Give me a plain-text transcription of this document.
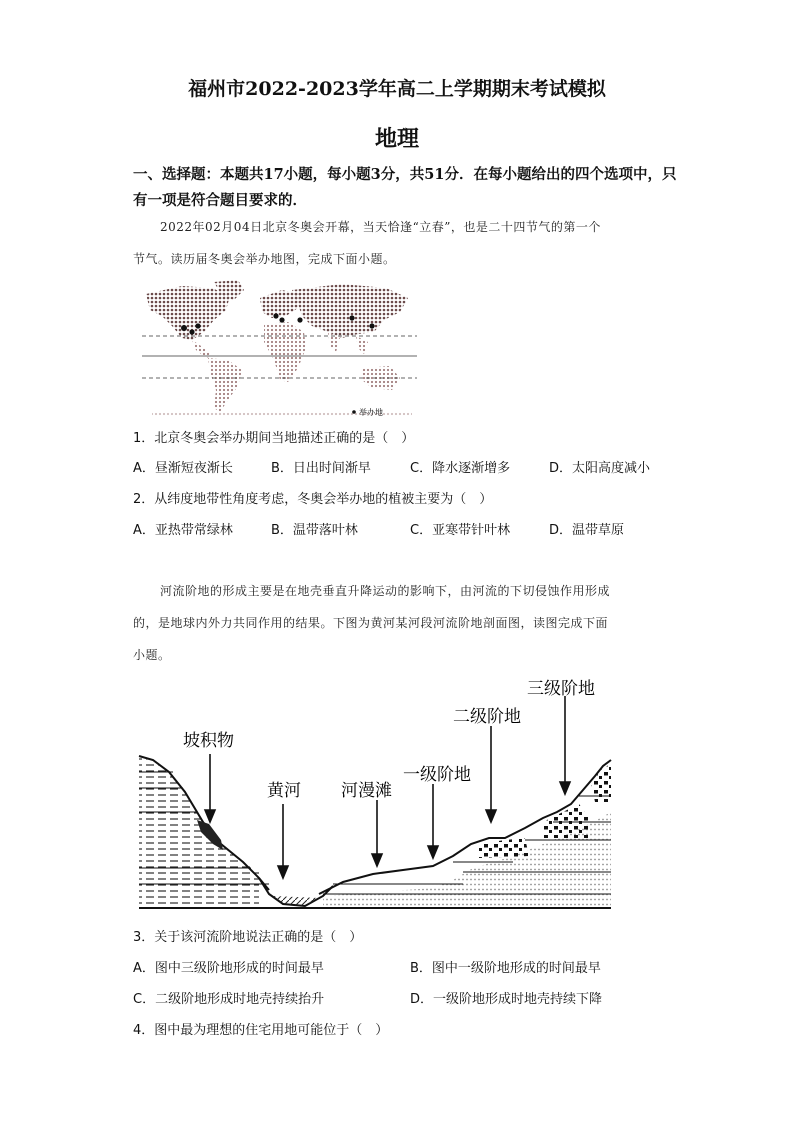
福州市2022-2023学年高二上学期期末考试模拟
地理
一、选择题：本题共17小题，每小题3分，共51分．在每小题给出的四个选项中，只
有一项是符合题目要求的．
2022年02月04日北京冬奥会开幕，当天恰逢“立春”，也是二十四节气的第一个
节气。读历届冬奥会举办地图，完成下面小题。
举办地
1．北京冬奥会举办期间当地描述正确的是（　）
A．昼渐短夜渐长	B．日出时间渐早	C．降水逐渐增多	D．太阳高度减小
2．从纬度地带性角度考虑，冬奥会举办地的植被主要为（　）
A．亚热带常绿林	B．温带落叶林	C．亚寒带针叶林	D．温带草原
河流阶地的形成主要是在地壳垂直升降运动的影响下，由河流的下切侵蚀作用形成
的，是地球内外力共同作用的结果。下图为黄河某河段河流阶地剖面图，读图完成下面
小题。
坡积物
黄河 河漫滩
一级阶地
二级阶地
三级阶地
3．关于该河流阶地说法正确的是（　）
A．图中三级阶地形成的时间最早	B．图中一级阶地形成的时间最早
C．二级阶地形成时地壳持续抬升	D．一级阶地形成时地壳持续下降
4．图中最为理想的住宅用地可能位于（　）
